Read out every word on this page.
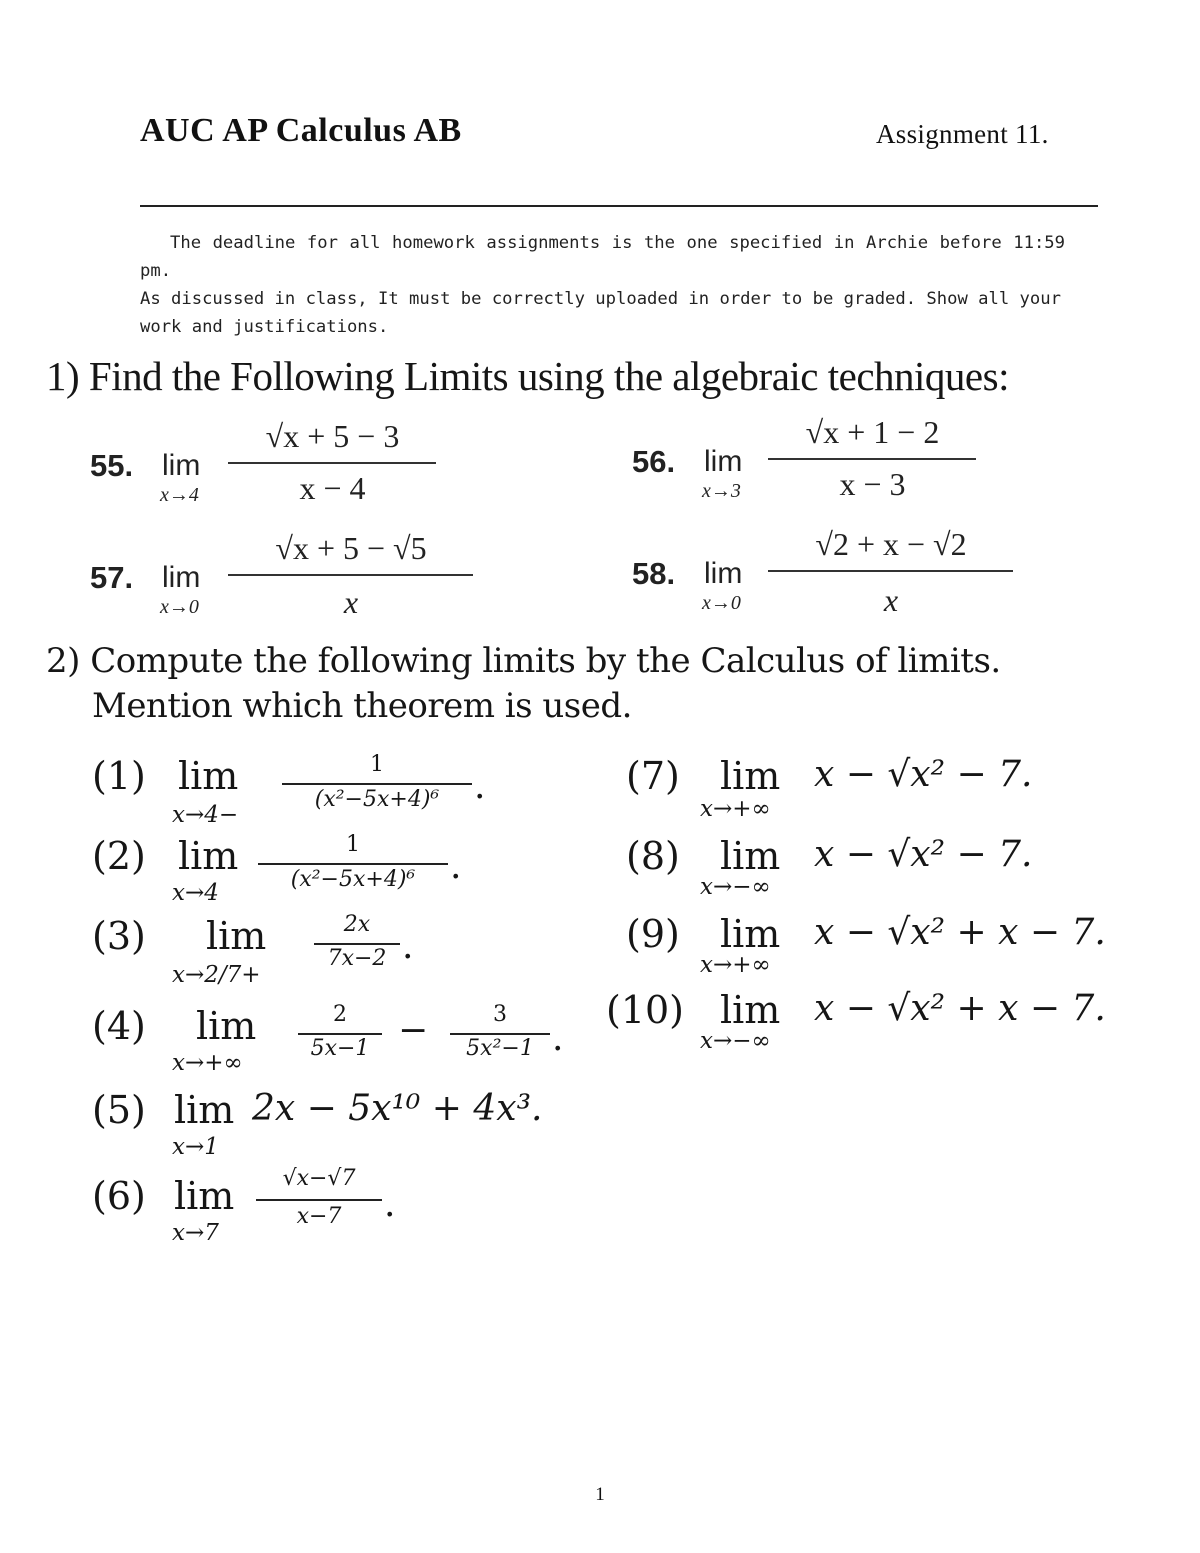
AUC AP Calculus AB	Assignment 11.

The deadline for all homework assignments is the one specified in Archie before 11:59 pm.
As discussed in class, It must be correctly uploaded in order to be graded. Show all your
work and justifications.

1) Find the Following Limits using the algebraic techniques:
55. lim
x→4
√x + 5 − 3
x − 4
56. lim
x→3
√x + 1 − 2
x − 3
57. lim
x→0
√x + 5 − √5
x
58. lim
x→0
√2 + x − √2
x
2) Compute the following limits by the Calculus of limits.
Mention which theorem is used.
(1) lim
x→4−
1
(x²−5x+4)⁶ .
(2) lim
x→4
1
(x²−5x+4)⁶ .
(3) lim
x→2/7+
2x
7x−2 .
(4) lim
x→+∞
2
5x−1 −	3
5x²−1 .
(5) lim
x→1
2x − 5x¹⁰ + 4x³.
(6) lim
x→7
√x−√7
x−7	.
(7) lim
x→+∞
x − √x² − 7.
(8) lim
x→−∞
x − √x² − 7.
(9) lim
x→+∞
x − √x² + x − 7.
(10) lim
x→−∞
x − √x² + x − 7.
1
